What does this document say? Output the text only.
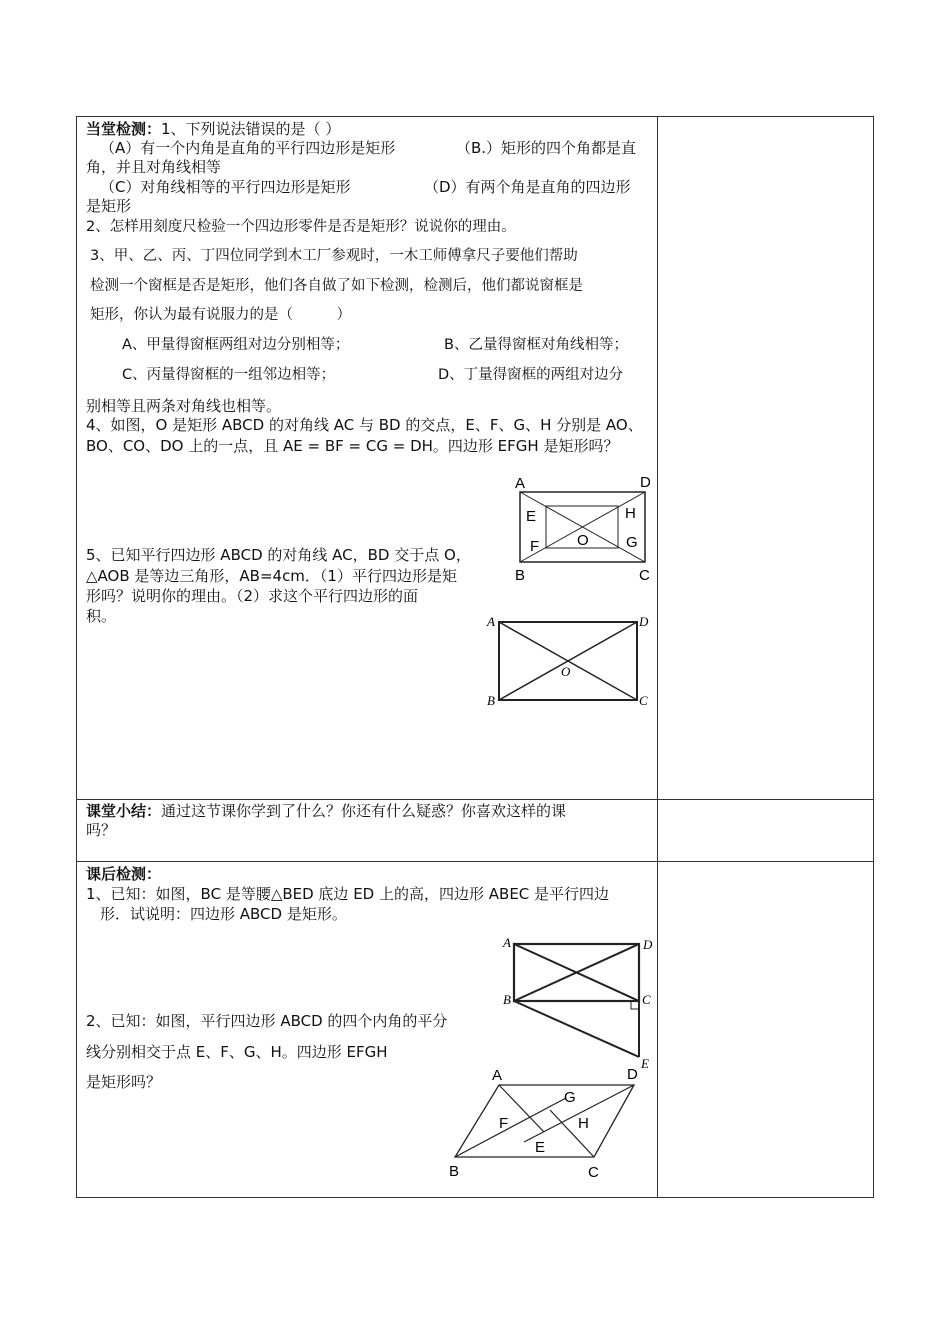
当堂检测：1、下列说法错误的是（ ）
（A）有一个内角是直角的平行四边形是矩形	（B.）矩形的四个角都是直
角，并且对角线相等
（C）对角线相等的平行四边形是矩形	（D）有两个角是直角的四边形
是矩形
2、怎样用刻度尺检验一个四边形零件是否是矩形？说说你的理由。
3、甲、乙、丙、丁四位同学到木工厂参观时，一木工师傅拿尺子要他们帮助
检测一个窗框是否是矩形，他们各自做了如下检测，检测后，他们都说窗框是
矩形，你认为最有说服力的是（　　　）
A、甲量得窗框两组对边分别相等；	B、乙量得窗框对角线相等；
C、丙量得窗框的一组邻边相等；	D、丁量得窗框的两组对边分
别相等且两条对角线也相等。
4、如图，O 是矩形 ABCD 的对角线 AC 与 BD 的交点，E、F、G、H 分别是 AO、
BO、CO、DO 上的一点，且 AE = BF = CG = DH。四边形 EFGH 是矩形吗？
A	D
E	H
F	O G
B	C
5、已知平行四边形 ABCD 的对角线 AC，BD 交于点 O，
△AOB 是等边三角形，AB=4cm．（1）平行四边形是矩
形吗？说明你的理由。（2）求这个平行四边形的面
积。	A	D
O
B	C
课堂小结：通过这节课你学到了什么？你还有什么疑惑？你喜欢这样的课
吗？
课后检测：
1、已知：如图，BC 是等腰△BED 底边 ED 上的高，四边形 ABEC 是平行四边
形．试说明：四边形 ABCD 是矩形。
A	D
B	C
E
2、已知：如图，平行四边形 ABCD 的四个内角的平分
线分别相交于点 E、F、G、H。四边形 EFGH
是矩形吗？	A	D
G
F	H
E
B	C
